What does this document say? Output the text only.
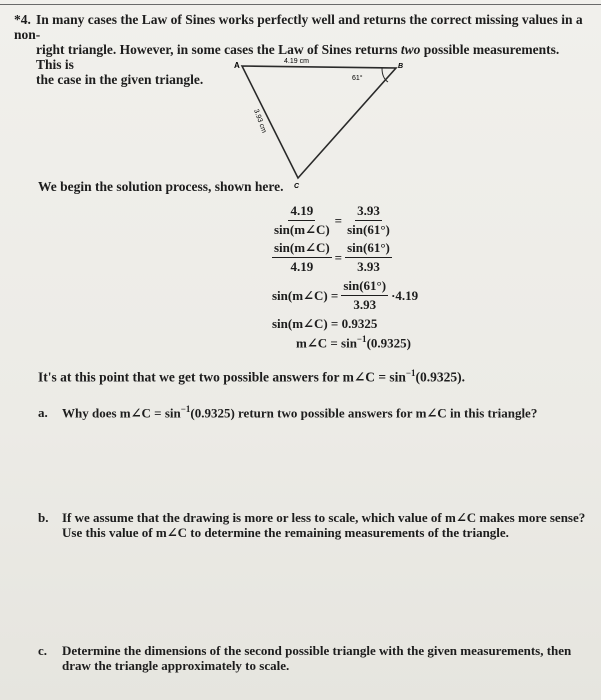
*4. In many cases the Law of Sines works perfectly well and returns the correct missing values in a non-
right triangle. However, in some cases the Law of Sines returns two possible measurements. This is
the case in the given triangle.
A	B
C
4.19 cm
61°
3.93 cm
We begin the solution process, shown here.
$\frac{4.19}{\sin(m\angle C)} = \frac{3.93}{\sin(61^\circ)}$
$\frac{\sin(m\angle C)}{4.19} = \frac{\sin(61^\circ)}{3.93}$
sin(m∠C) = $\frac{\sin(61^\circ)}{3.93} \cdot 4.19$
sin(m∠C) = 0.9325
m∠C = $\sin^{-1}(0.9325)$
It's at this point that we get two possible answers for m∠C = $\sin^{-1}(0.9325)$.
a. Why does m∠C = $\sin^{-1}(0.9325)$ return two possible answers for m∠C in this triangle?
b. If we assume that the drawing is more or less to scale, which value of m∠C makes more sense?
Use this value of m∠C to determine the remaining measurements of the triangle.
c. Determine the dimensions of the second possible triangle with the given measurements, then
draw the triangle approximately to scale.
